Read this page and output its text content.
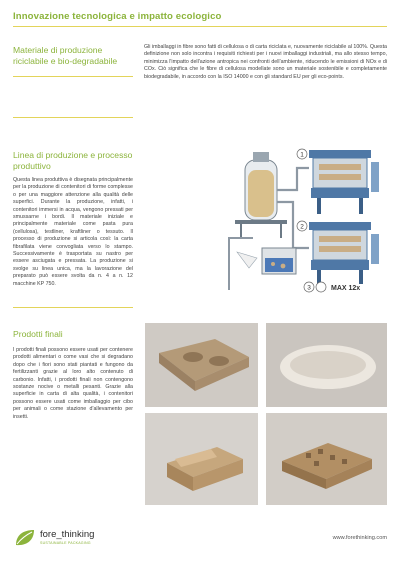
Innovazione tecnologica e impatto ecologico
Materiale di produzione riciclabile e bio-degradabile
Gli imballaggi in fibre sono fatti di cellulosa o di carta riciclata e, nuovamente riciclabile al 100%. Questa definizione non solo incontra i requisiti richiesti per i nuovi imballaggi industriali, ma allo stesso tempo, minimizza l'impatto dell'azione antropica nei confronti dell'ambiente, riducendo le emissioni di NOx e di COx. Ciò significa che le fibre di cellulosa modellate sono un materiale sostenibile e completamente biodegradabile, in accordo con la ISO 14000 e con gli standard EU per gli eco-points.
Linea di produzione e processo produttivo
Questa linea produttiva è disegnata principalmente per la produzione di contenitori di forme complesse o per una maggiore attenzione alla qualità delle superfici. Durante la produzione, infatti, i contenitori immersi in acqua, vengono pressati per smussarne i bordi. Il materiale iniziale e principalmente materiale come pasta pura (cellulosa), testliner, kraftliner o tessuto. Il processo di produzione si articola così: la carta fibrafilata viene convogliata verso lo stampo. Successivamente è trasportata su nastro per essere asciugata e pressata. La produzione si svolge su linea unica, ma la lavorazione del preparato può essere svolta da n. 4 a n. 12 macchine KP 750.
1
2
3	MAX 12x
Prodotti finali
I prodotti finali possono essere usati per contenere prodotti alimentari o come vasi che si degradano dopo che i fiori sono stati piantati e fungono da fertilizzanti grazie al loro alto contenuto di carbonio. Infatti, i prodotti finali non contengono sostanze nocive o metalli pesanti. Grazie alla superficie in carta di alta qualità, i contenitori possono essere usati come imballaggio per cibo per animali o come stazione d'allevamento per insetti.
fore_thinking
SUSTAINABLE PACKAGING
www.forethinking.com
